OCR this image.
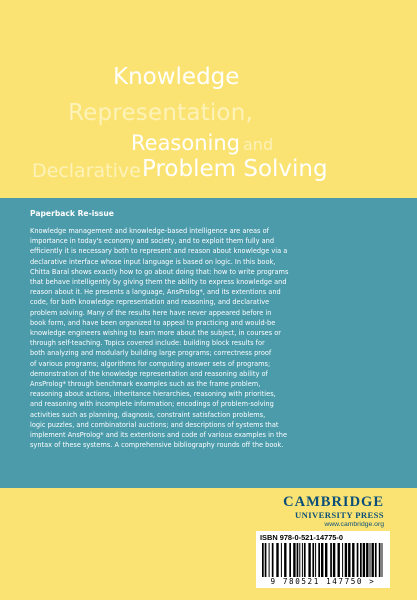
Knowledge
Representation,
Reasoning and
Declarative Problem Solving
Paperback Re-issue
Knowledge management and knowledge-based intelligence are areas of
importance in today's economy and society, and to exploit them fully and
efficiently it is necessary both to represent and reason about knowledge via a
declarative interface whose input language is based on logic. In this book,
Chitta Baral shows exactly how to go about doing that: how to write programs
that behave intelligently by giving them the ability to express knowledge and
reason about it. He presents a language, AnsProlog*, and its extentions and
code, for both knowledge representation and reasoning, and declarative
problem solving. Many of the results here have never appeared before in
book form, and have been organized to appeal to practicing and would-be
knowledge engineers wishing to learn more about the subject, in courses or
through self-teaching. Topics covered include: building block results for
both analyzing and modularly building large programs; correctness proof
of various programs; algorithms for computing answer sets of programs;
demonstration of the knowledge representation and reasoning ability of
AnsProlog* through benchmark examples such as the frame problem,
reasoning about actions, inheritance hierarchies, reasoning with priorities,
and reasoning with incomplete information; encodings of problem-solving
activities such as planning, diagnosis, constraint satisfaction problems,
logic puzzles, and combinatorial auctions; and descriptions of systems that
implement AnsProlog* and its extentions and code of various examples in the
syntax of these systems. A comprehensive bibliography rounds off the book.
CAMBRIDGE
UNIVERSITY PRESS
www.cambridge.org
ISBN 978-0-521-14775-0
9 780521 147750 >
